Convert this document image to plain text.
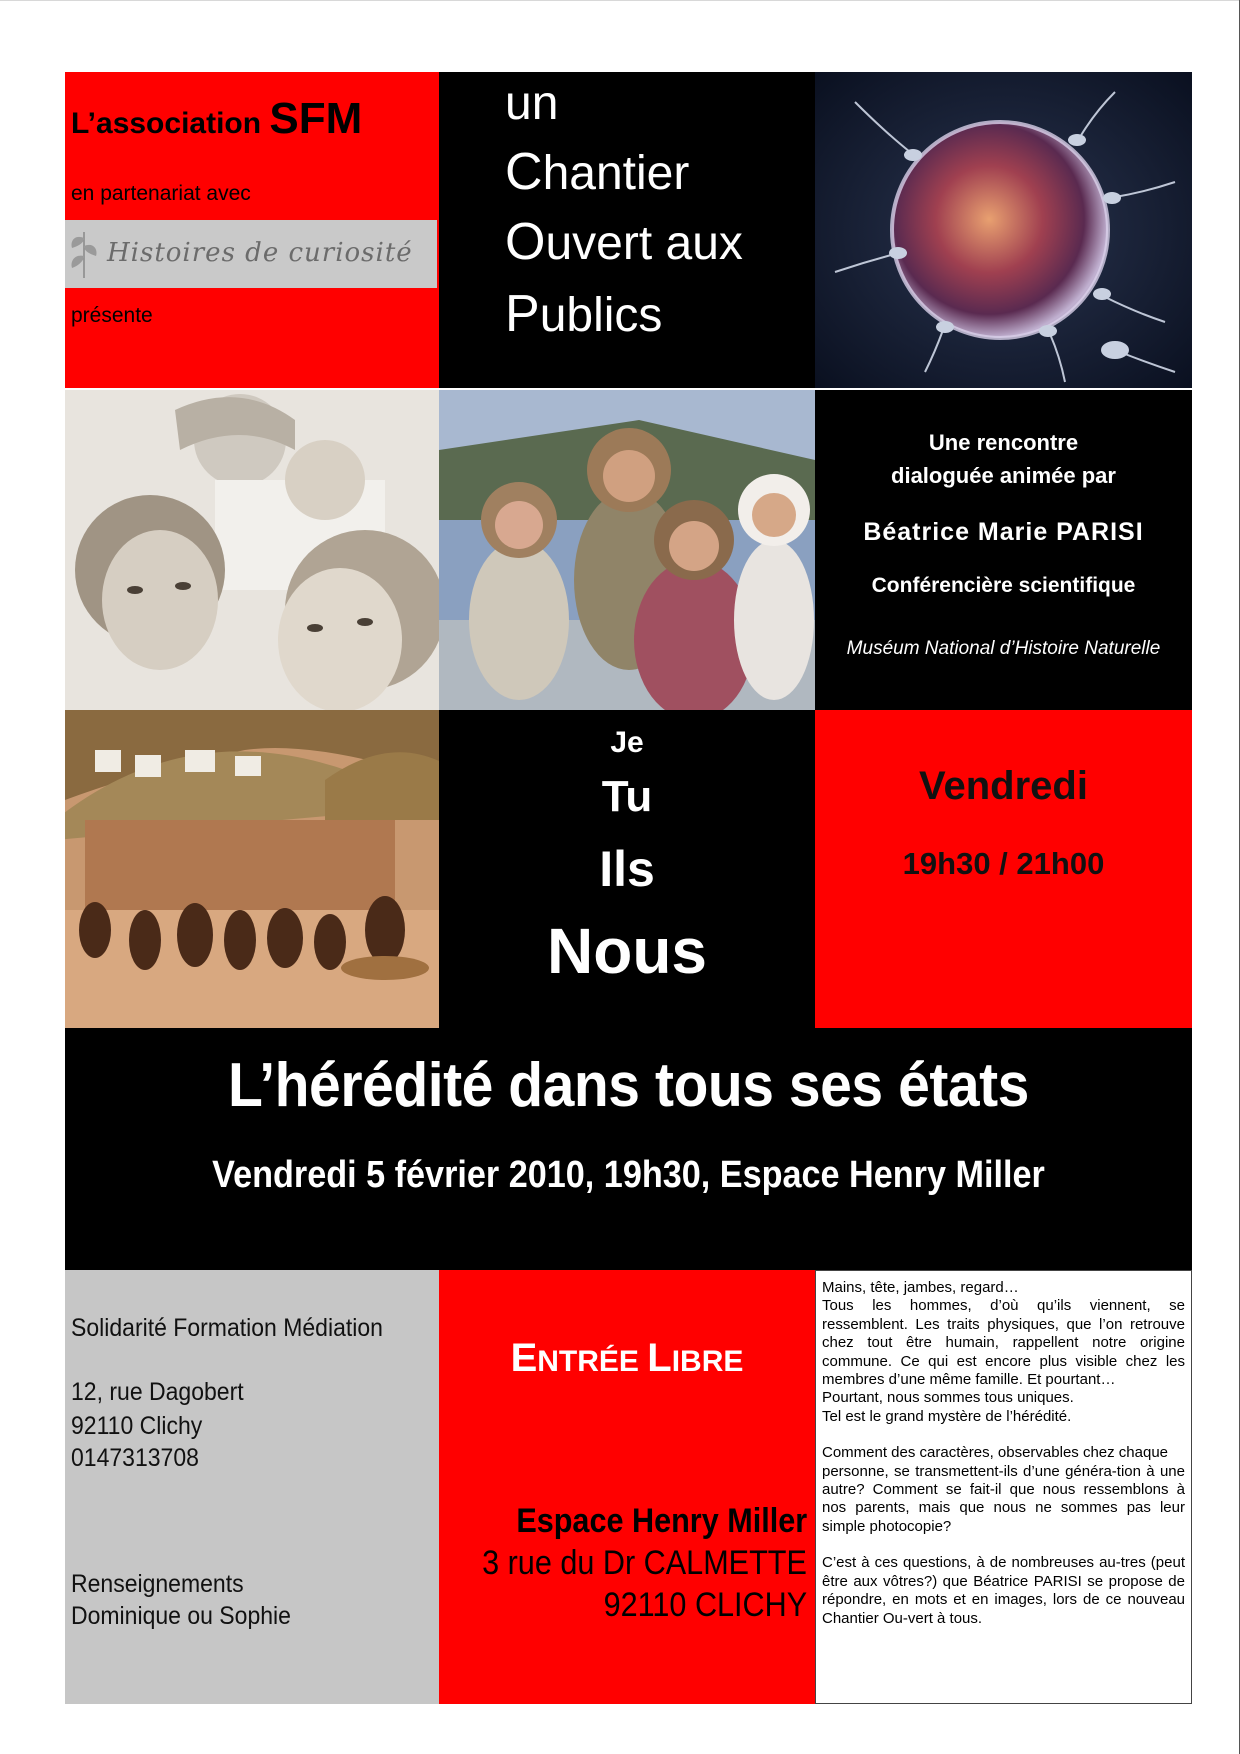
L’association SFM
en partenariat avec
Histoires de curiosité
présente
un
Chantier
Ouvert aux
Publics
Une rencontre
dialoguée animée par
Béatrice Marie PARISI
Conférencière scientifique
Muséum National d’Histoire Naturelle
Je
Tu
Ils
Nous
Vendredi
19h30 / 21h00
L’hérédité dans tous ses états
Vendredi 5 février 2010, 19h30, Espace Henry Miller
Solidarité Formation Médiation
12, rue Dagobert
92110 Clichy
0147313708
Renseignements
Dominique ou Sophie
ENTRÉE LIBRE
Espace Henry Miller
3 rue du Dr CALMETTE
92110 CLICHY

Mains, tête, jambes, regard…

Tous les hommes, d’où qu’ils viennent, se ressemblent. Les traits physiques, que l’on retrouve chez tout être humain, rappellent notre origine commune. Ce qui est encore plus visible chez les membres d’une même famille. Et pourtant…

Pourtant, nous sommes tous uniques.

Tel est le grand mystère de l’hérédité.

Comment des caractères, observables chez chaque

personne, se transmettent-ils d’une généra-tion à une autre? Comment se fait-il que nous ressemblons à nos parents, mais que nous ne sommes pas leur simple photocopie?

C’est à ces questions, à de nombreuses au-tres (peut être aux vôtres?) que Béatrice PARISI se propose de répondre, en mots et en images, lors de ce nouveau Chantier Ou-vert à tous.
